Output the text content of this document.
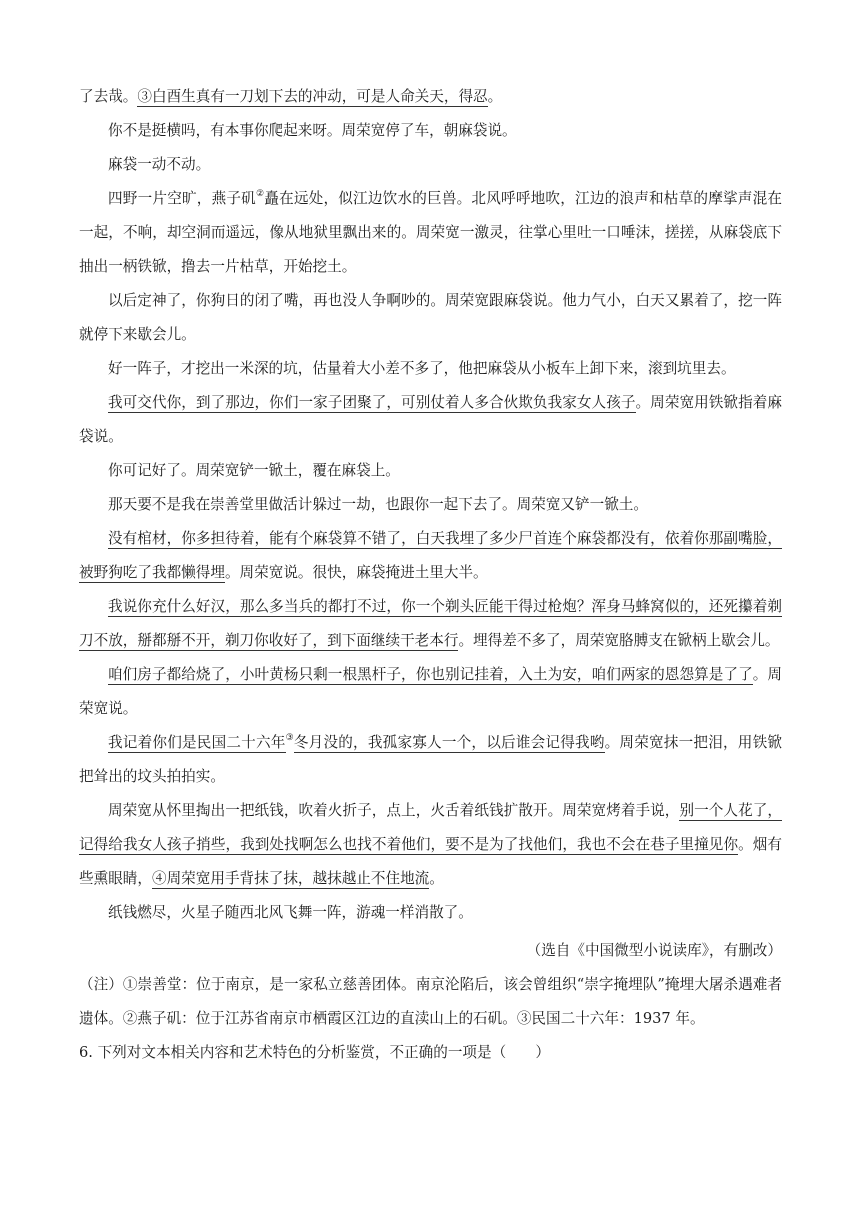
了去哉。③白酉生真有一刀划下去的冲动，可是人命关天，得忍。

你不是挺横吗，有本事你爬起来呀。周荣宽停了车，朝麻袋说。

麻袋一动不动。

四野一片空旷，燕子矶②矗在远处，似江边饮水的巨兽。北风呼呼地吹，江边的浪声和枯草的摩挲声混在一起，不响，却空洞而遥远，像从地狱里飘出来的。周荣宽一激灵，往掌心里吐一口唾沫，搓搓，从麻袋底下抽出一柄铁锨，撸去一片枯草，开始挖土。

以后定神了，你狗日的闭了嘴，再也没人争啊吵的。周荣宽跟麻袋说。他力气小，白天又累着了，挖一阵就停下来歇会儿。

好一阵子，才挖出一米深的坑，估量着大小差不多了，他把麻袋从小板车上卸下来，滚到坑里去。

我可交代你，到了那边，你们一家子团聚了，可别仗着人多合伙欺负我家女人孩子。周荣宽用铁锨指着麻袋说。

你可记好了。周荣宽铲一锨土，覆在麻袋上。

那天要不是我在崇善堂里做活计躲过一劫，也跟你一起下去了。周荣宽又铲一锨土。

没有棺材，你多担待着，能有个麻袋算不错了，白天我埋了多少尸首连个麻袋都没有，依着你那副嘴脸，被野狗吃了我都懒得埋。周荣宽说。很快，麻袋掩进土里大半。

我说你充什么好汉，那么多当兵的都打不过，你一个剃头匠能干得过枪炮？浑身马蜂窝似的，还死攥着剃刀不放，掰都掰不开，剃刀你收好了，到下面继续干老本行。埋得差不多了，周荣宽胳膊支在锨柄上歇会儿。

咱们房子都给烧了，小叶黄杨只剩一根黑杆子，你也别记挂着，入土为安，咱们两家的恩怨算是了了。周荣宽说。

我记着你们是民国二十六年③冬月没的，我孤家寡人一个，以后谁会记得我哟。周荣宽抹一把泪，用铁锨把耸出的坟头拍拍实。

周荣宽从怀里掏出一把纸钱，吹着火折子，点上，火舌着纸钱扩散开。周荣宽烤着手说，别一个人花了，记得给我女人孩子捎些，我到处找啊怎么也找不着他们，要不是为了找他们，我也不会在巷子里撞见你。烟有些熏眼睛，④周荣宽用手背抹了抹，越抹越止不住地流。

纸钱燃尽，火星子随西北风飞舞一阵，游魂一样消散了。

（选自《中国微型小说读库》，有删改）

（注）①崇善堂：位于南京，是一家私立慈善团体。南京沦陷后，该会曾组织“崇字掩埋队”掩埋大屠杀遇难者遗体。②燕子矶：位于江苏省南京市栖霞区江边的直渎山上的石矶。③民国二十六年：1937 年。

6. 下列对文本相关内容和艺术特色的分析鉴赏，不正确的一项是（　　）
